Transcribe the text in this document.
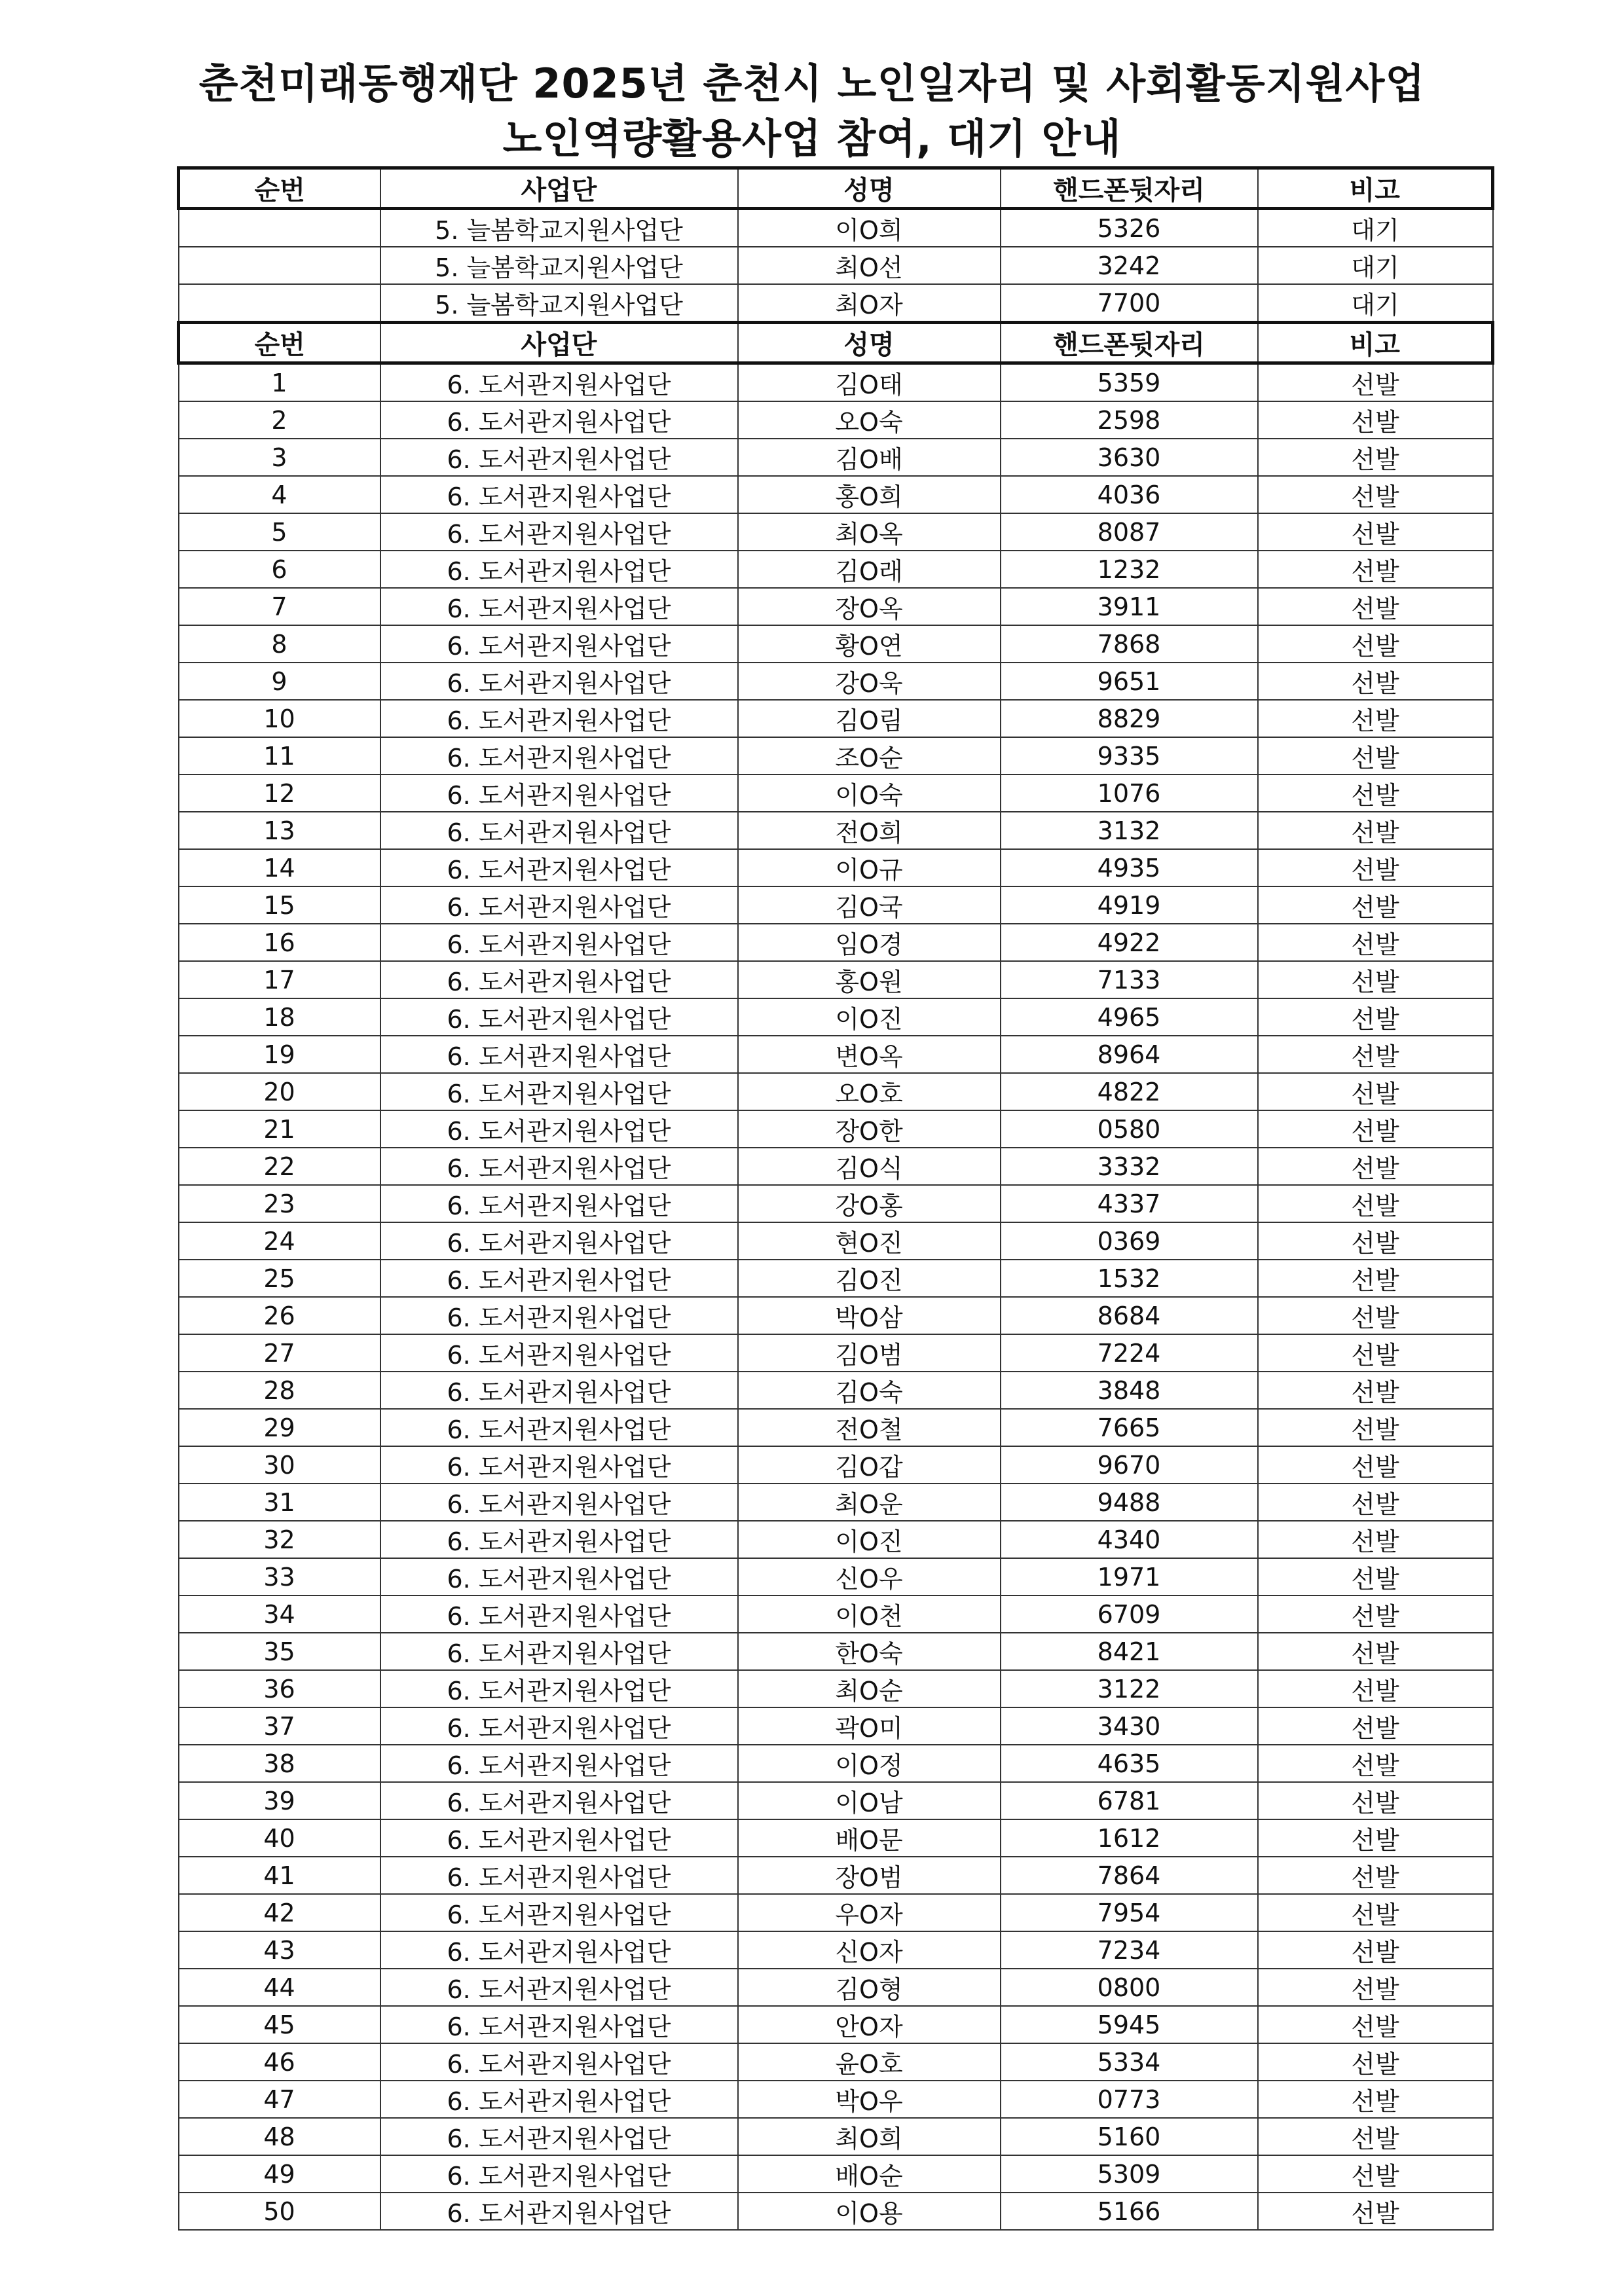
춘천미래동행재단 2025년 춘천시 노인일자리 및 사회활동지원사업
노인역량활용사업 참여, 대기 안내
순번	사업단	성명	핸드폰뒷자리	비고
	5. 늘봄학교지원사업단	이O희	5326	대기
	5. 늘봄학교지원사업단	최O선	3242	대기
	5. 늘봄학교지원사업단	최O자	7700	대기
순번	사업단	성명	핸드폰뒷자리	비고
1	6. 도서관지원사업단	김O태	5359	선발
2	6. 도서관지원사업단	오O숙	2598	선발
3	6. 도서관지원사업단	김O배	3630	선발
4	6. 도서관지원사업단	홍O희	4036	선발
5	6. 도서관지원사업단	최O옥	8087	선발
6	6. 도서관지원사업단	김O래	1232	선발
7	6. 도서관지원사업단	장O옥	3911	선발
8	6. 도서관지원사업단	황O연	7868	선발
9	6. 도서관지원사업단	강O욱	9651	선발
10	6. 도서관지원사업단	김O림	8829	선발
11	6. 도서관지원사업단	조O순	9335	선발
12	6. 도서관지원사업단	이O숙	1076	선발
13	6. 도서관지원사업단	전O희	3132	선발
14	6. 도서관지원사업단	이O규	4935	선발
15	6. 도서관지원사업단	김O국	4919	선발
16	6. 도서관지원사업단	임O경	4922	선발
17	6. 도서관지원사업단	홍O원	7133	선발
18	6. 도서관지원사업단	이O진	4965	선발
19	6. 도서관지원사업단	변O옥	8964	선발
20	6. 도서관지원사업단	오O호	4822	선발
21	6. 도서관지원사업단	장O한	0580	선발
22	6. 도서관지원사업단	김O식	3332	선발
23	6. 도서관지원사업단	강O홍	4337	선발
24	6. 도서관지원사업단	현O진	0369	선발
25	6. 도서관지원사업단	김O진	1532	선발
26	6. 도서관지원사업단	박O삼	8684	선발
27	6. 도서관지원사업단	김O범	7224	선발
28	6. 도서관지원사업단	김O숙	3848	선발
29	6. 도서관지원사업단	전O철	7665	선발
30	6. 도서관지원사업단	김O갑	9670	선발
31	6. 도서관지원사업단	최O운	9488	선발
32	6. 도서관지원사업단	이O진	4340	선발
33	6. 도서관지원사업단	신O우	1971	선발
34	6. 도서관지원사업단	이O천	6709	선발
35	6. 도서관지원사업단	한O숙	8421	선발
36	6. 도서관지원사업단	최O순	3122	선발
37	6. 도서관지원사업단	곽O미	3430	선발
38	6. 도서관지원사업단	이O정	4635	선발
39	6. 도서관지원사업단	이O남	6781	선발
40	6. 도서관지원사업단	배O문	1612	선발
41	6. 도서관지원사업단	장O범	7864	선발
42	6. 도서관지원사업단	우O자	7954	선발
43	6. 도서관지원사업단	신O자	7234	선발
44	6. 도서관지원사업단	김O형	0800	선발
45	6. 도서관지원사업단	안O자	5945	선발
46	6. 도서관지원사업단	윤O호	5334	선발
47	6. 도서관지원사업단	박O우	0773	선발
48	6. 도서관지원사업단	최O희	5160	선발
49	6. 도서관지원사업단	배O순	5309	선발
50	6. 도서관지원사업단	이O용	5166	선발
